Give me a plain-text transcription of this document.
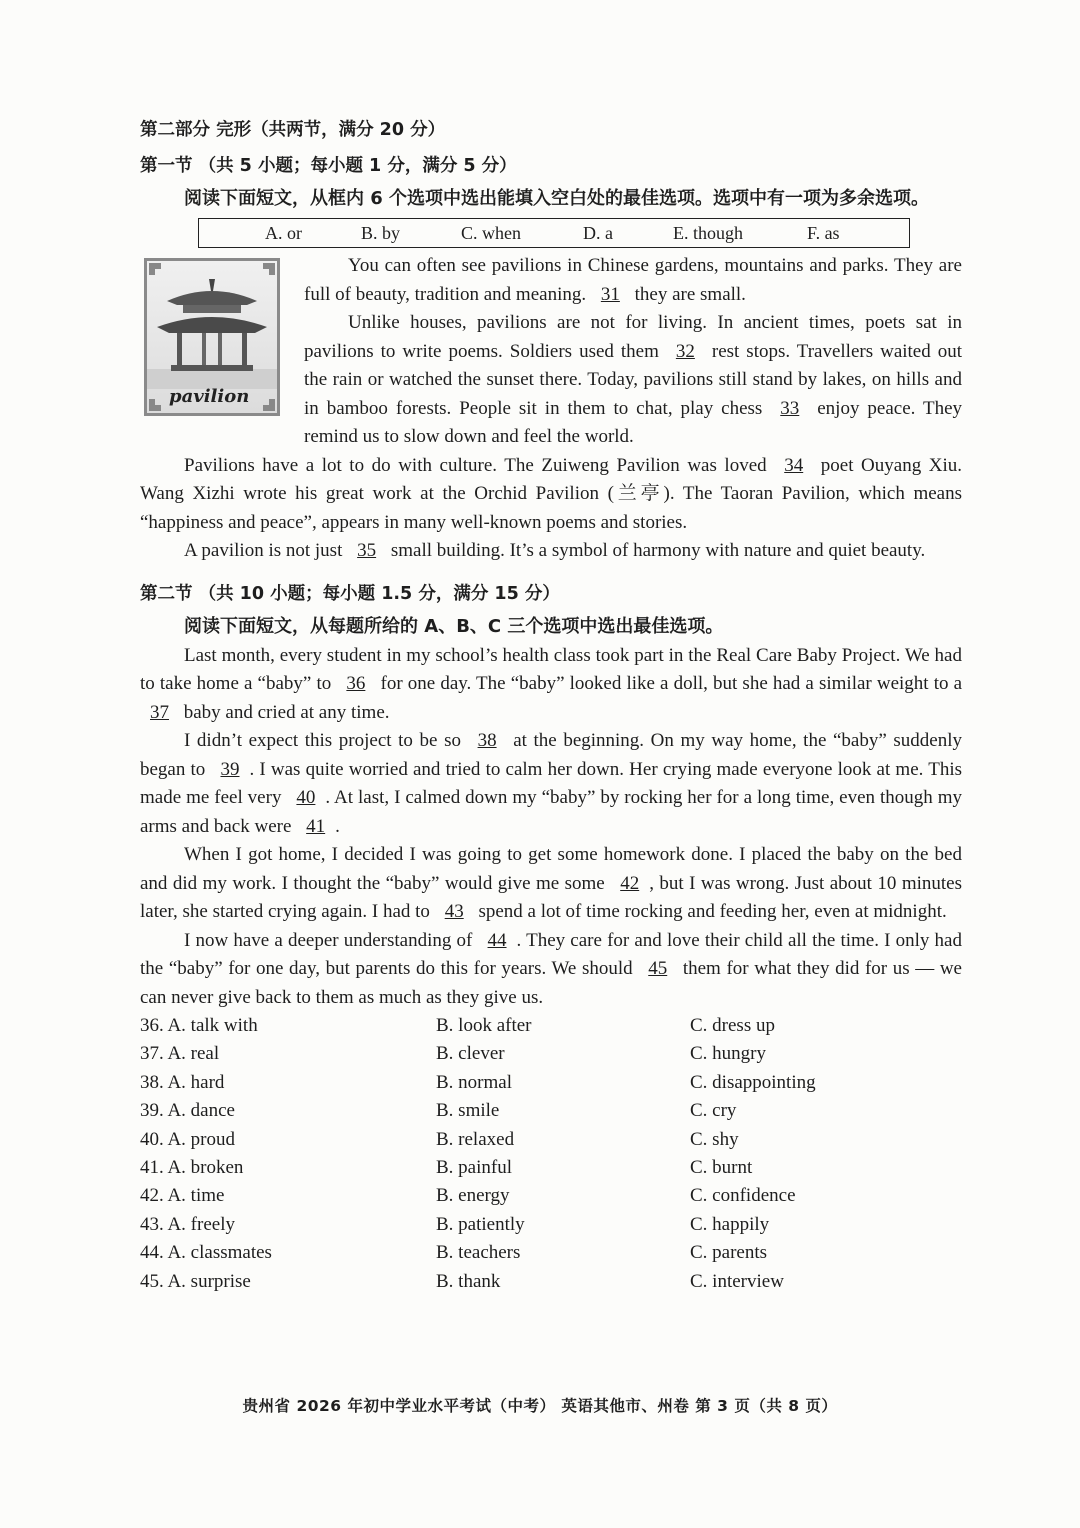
第二部分 完形（共两节，满分 20 分）
第一节 （共 5 小题；每小题 1 分，满分 5 分）
阅读下面短文，从框内 6 个选项中选出能填入空白处的最佳选项。选项中有一项为多余选项。
A. or	B. by	C. when	D. a	E. though	F. as
pavilion

You can often see pavilions in Chinese gardens, mountains and parks. They are full of beauty, tradition and meaning. 31 they are small.

Unlike houses, pavilions are not for living. In ancient times, poets sat in pavilions to write poems. Soldiers used them 32 rest stops. Travellers waited out the rain or watched the sunset there. Today, pavilions still stand by lakes, on hills and in bamboo forests. People sit in them to chat, play chess 33 enjoy peace. They remind us to slow down and feel the world.

Pavilions have a lot to do with culture. The Zuiweng Pavilion was loved 34 poet Ouyang Xiu. Wang Xizhi wrote his great work at the Orchid Pavilion (兰亭). The Taoran Pavilion, which means “happiness and peace”, appears in many well-known poems and stories.

A pavilion is not just 35 small building. It’s a symbol of harmony with nature and quiet beauty.

第二节 （共 10 小题；每小题 1.5 分，满分 15 分）
阅读下面短文，从每题所给的 A、B、C 三个选项中选出最佳选项。

Last month, every student in my school’s health class took part in the Real Care Baby Project. We had to take home a “baby” to 36 for one day. The “baby” looked like a doll, but she had a similar weight to a 37 baby and cried at any time.

I didn’t expect this project to be so 38 at the beginning. On my way home, the “baby” suddenly began to 39 . I was quite worried and tried to calm her down. Her crying made everyone look at me. This made me feel very 40 . At last, I calmed down my “baby” by rocking her for a long time, even though my arms and back were 41 .

When I got home, I decided I was going to get some homework done. I placed the baby on the bed and did my work. I thought the “baby” would give me some 42 , but I was wrong. Just about 10 minutes later, she started crying again. I had to 43 spend a lot of time rocking and feeding her, even at midnight.

I now have a deeper understanding of 44 . They care for and love their child all the time. I only had the “baby” for one day, but parents do this for years. We should 45 them for what they did for us — we can never give back to them as much as they give us.

36. A. talk with	B. look after	C. dress up
37. A. real	B. clever	C. hungry
38. A. hard	B. normal	C. disappointing
39. A. dance	B. smile	C. cry
40. A. proud	B. relaxed	C. shy
41. A. broken	B. painful	C. burnt
42. A. time	B. energy	C. confidence
43. A. freely	B. patiently	C. happily
44. A. classmates	B. teachers	C. parents
45. A. surprise	B. thank	C. interview
贵州省 2026 年初中学业水平考试（中考） 英语其他市、州卷 第 3 页（共 8 页）
